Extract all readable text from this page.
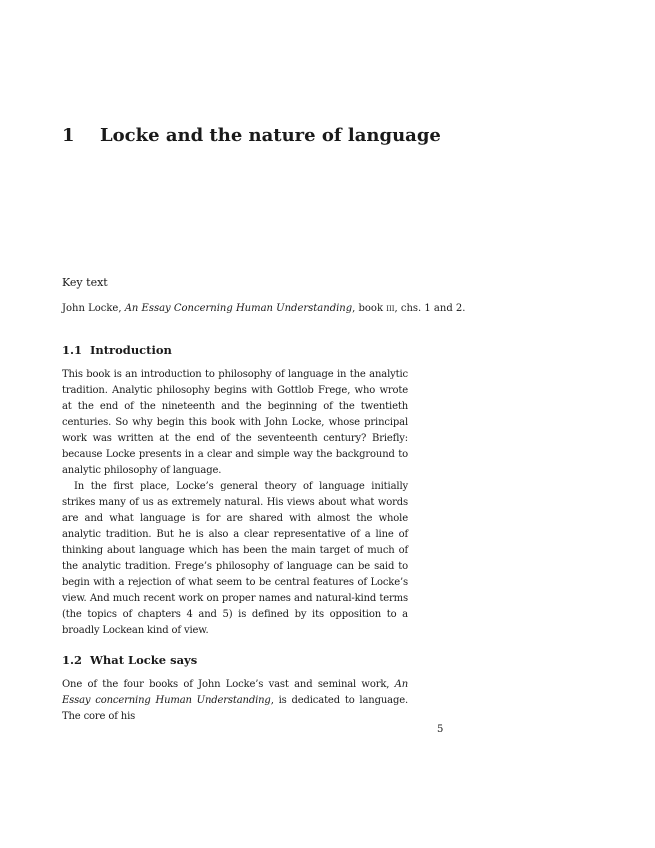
1 Locke and the nature of language
Key text
John Locke, An Essay Concerning Human Understanding, book iii, chs. 1 and 2.
1.1 Introduction

This book is an introduction to philosophy of language in the analytic tradition. Analytic philosophy begins with Gottlob Frege, who wrote at the end of the nineteenth and the beginning of the twentieth centuries. So why begin this book with John Locke, whose principal work was written at the end of the seventeenth century? Briefly: because Locke presents in a clear and simple way the background to analytic philosophy of language.

In the first place, Locke’s general theory of language initially strikes many of us as extremely natural. His views about what words are and what language is for are shared with almost the whole analytic tradition. But he is also a clear representative of a line of thinking about language which has been the main target of much of the analytic tradition. Frege’s philosophy of language can be said to begin with a rejection of what seem to be central features of Locke’s view. And much recent work on proper names and natural-kind terms (the topics of chapters 4 and 5) is defined by its opposition to a broadly Lockean kind of view.

1.2 What Locke says

One of the four books of John Locke’s vast and seminal work, An Essay concerning Human Understanding, is dedicated to language. The core of his

5
